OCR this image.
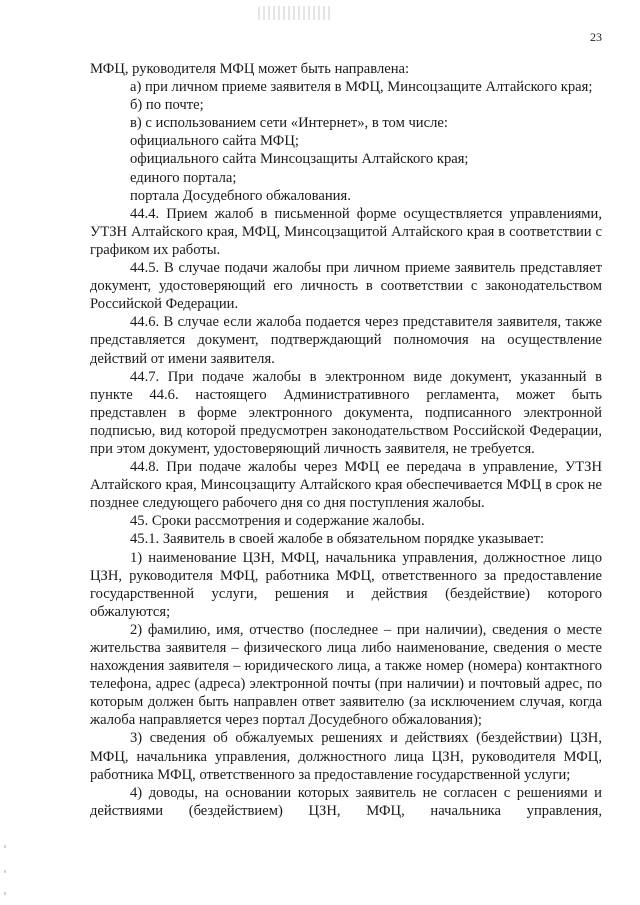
23

МФЦ, руководителя МФЦ может быть направлена:

а) при личном приеме заявителя в МФЦ, Минсоцзащите Алтайского края;

б) по почте;

в) с использованием сети «Интернет», в том числе:

официального сайта МФЦ;

официального сайта Минсоцзащиты Алтайского края;

единого портала;

портала Досудебного обжалования.

44.4. Прием жалоб в письменной форме осуществляется управлениями, УТЗН Алтайского края, МФЦ, Минсоцзащитой Алтайского края в соответствии с графиком их работы.

44.5. В случае подачи жалобы при личном приеме заявитель представляет документ, удостоверяющий его личность в соответствии с законодательством Российской Федерации.

44.6. В случае если жалоба подается через представителя заявителя, также представляется документ, подтверждающий полномочия на осуществление действий от имени заявителя.

44.7. При подаче жалобы в электронном виде документ, указанный в пункте 44.6. настоящего Административного регламента, может быть представлен в форме электронного документа, подписанного электронной подписью, вид которой предусмотрен законодательством Российской Федерации, при этом документ, удостоверяющий личность заявителя, не требуется.

44.8. При подаче жалобы через МФЦ ее передача в управление, УТЗН Алтайского края, Минсоцзащиту Алтайского края обеспечивается МФЦ в срок не позднее следующего рабочего дня со дня поступления жалобы.

45. Сроки рассмотрения и содержание жалобы.

45.1. Заявитель в своей жалобе в обязательном порядке указывает:

1) наименование ЦЗН, МФЦ, начальника управления, должностное лицо ЦЗН, руководителя МФЦ, работника МФЦ, ответственного за предоставление государственной услуги, решения и действия (бездействие) которого обжалуются;

2) фамилию, имя, отчество (последнее – при наличии), сведения о месте жительства заявителя – физического лица либо наименование, сведения о месте нахождения заявителя – юридического лица, а также номер (номера) контактного телефона, адрес (адреса) электронной почты (при наличии) и почтовый адрес, по которым должен быть направлен ответ заявителю (за исключением случая, когда жалоба направляется через портал Досудебного обжалования);

3) сведения об обжалуемых решениях и действиях (бездействии) ЦЗН, МФЦ, начальника управления, должностного лица ЦЗН, руководителя МФЦ, работника МФЦ, ответственного за предоставление государственной услуги;

4) доводы, на основании которых заявитель не согласен с решениями и действиями (бездействием) ЦЗН, МФЦ, начальника управления,
